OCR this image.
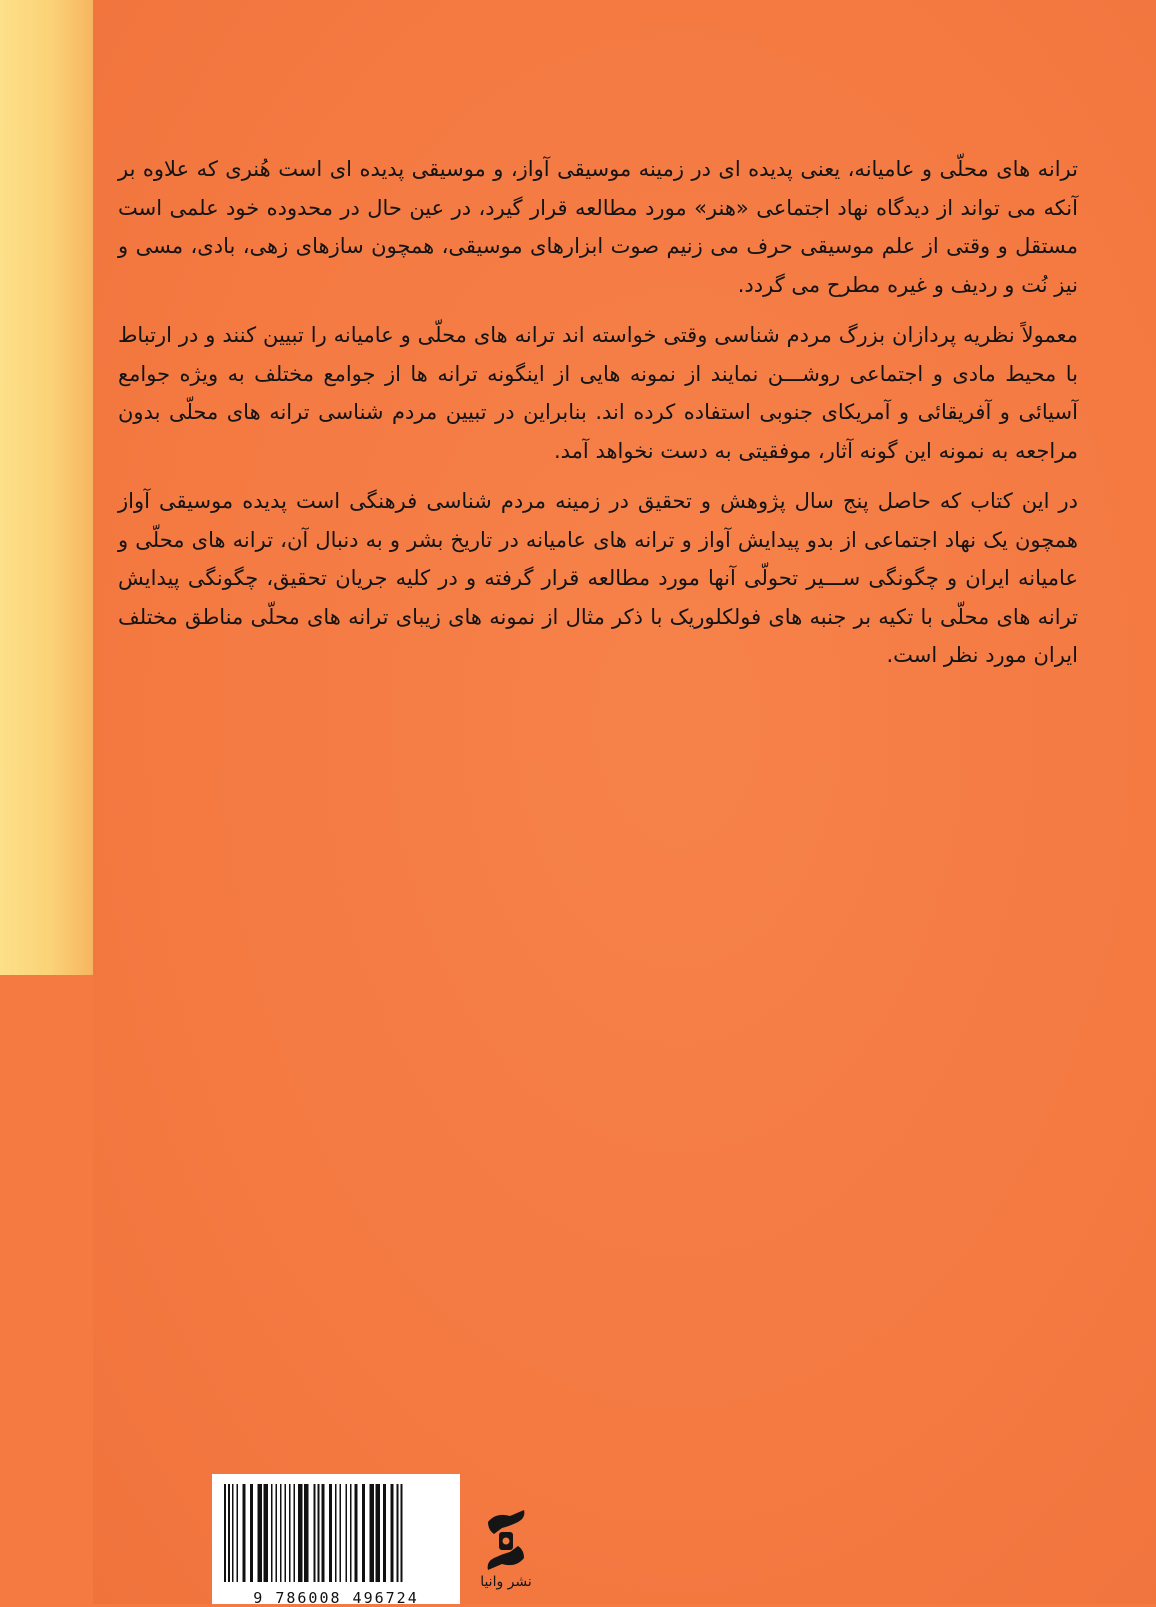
ترانه های محلّی و عامیانه، یعنی پدیده ای در زمینه موسیقی آواز، و موسیقی پدیده ای است هُنری که علاوه بر آنکه می تواند از دیدگاه نهاد اجتماعی «هنر» مورد مطالعه قرار گیرد، در عین حال در محدوده خود علمی است مستقل و وقتی از علم موسیقی حرف می زنیم صوت ابزارهای موسیقی، همچون سازهای زهی، بادی، مسی و نیز نُت و ردیف و غیره مطرح می گردد.

معمولاً نظریه پردازان بزرگ مردم شناسی وقتی خواسته اند ترانه های محلّی و عامیانه را تبیین کنند و در ارتباط با محیط مادی و اجتماعی روشـــن نمایند از نمونه هایی از اینگونه ترانه ها از جوامع مختلف به ویژه جوامع آسیائی و آفریقائی و آمریکای جنوبی استفاده کرده اند. بنابراین در تبیین مردم شناسی ترانه های محلّی بدون مراجعه به نمونه این گونه آثار، موفقیتی به دست نخواهد آمد.

در این کتاب که حاصل پنج سال پژوهش و تحقیق در زمینه مردم شناسی فرهنگی است پدیده موسیقی آواز همچون یک نهاد اجتماعی از بدو پیدایش آواز و ترانه های عامیانه در تاریخ بشر و به دنبال آن، ترانه های محلّی و عامیانه ایران و چگونگی ســـیر تحولّی آنها مورد مطالعه قرار گرفته و در کلیه جریان تحقیق، چگونگی پیدایش ترانه های محلّی با تکیه بر جنبه های فولکلوریک با ذکر مثال از نمونه های زیبای ترانه های محلّی مناطق مختلف ایران مورد نظر است.

9 786008 496724
نشر وانیا
